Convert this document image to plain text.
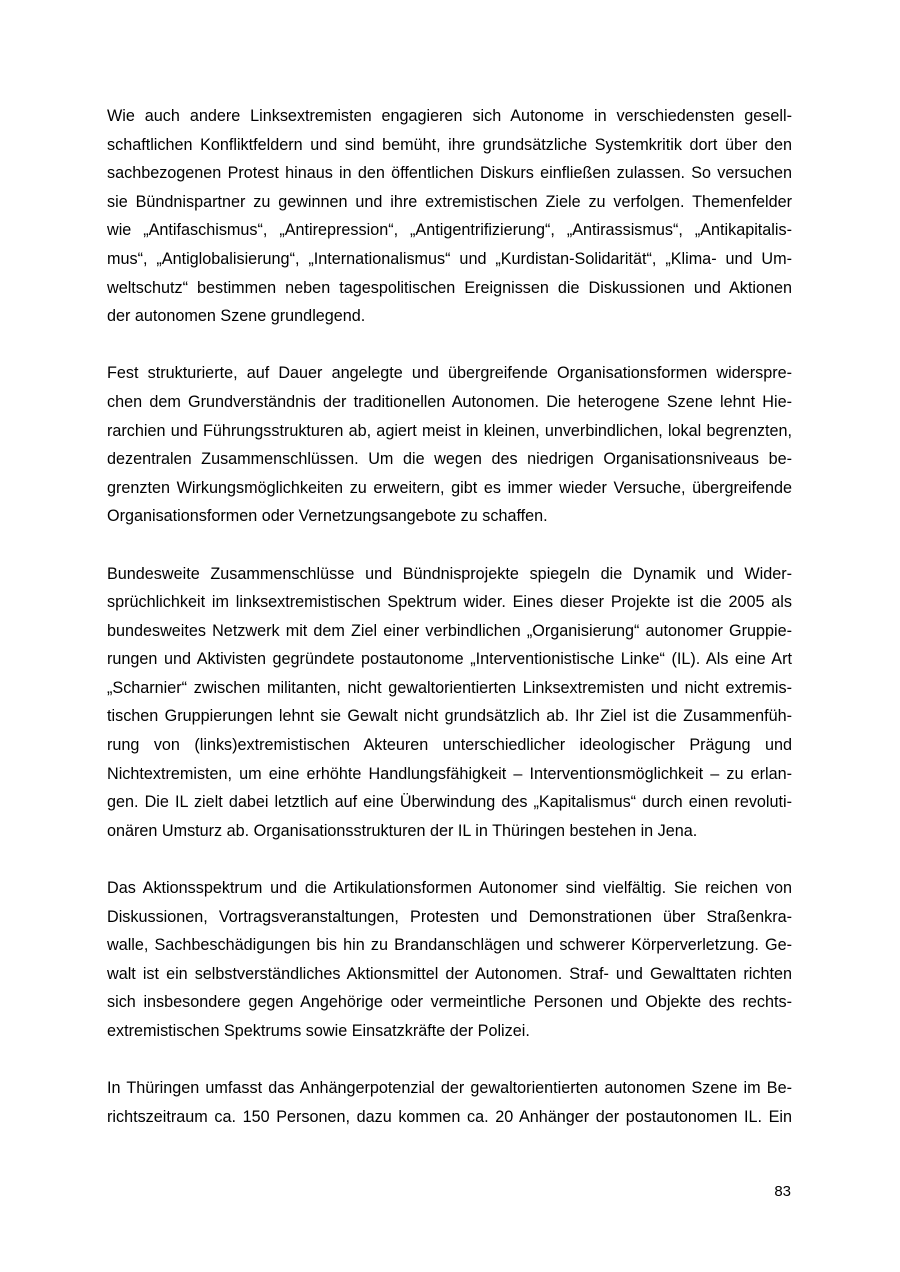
Wie auch andere Linksextremisten engagieren sich Autonome in verschiedensten gesell-
schaftlichen Konfliktfeldern und sind bemüht, ihre grundsätzliche Systemkritik dort über den
sachbezogenen Protest hinaus in den öffentlichen Diskurs einfließen zulassen. So versuchen
sie Bündnispartner zu gewinnen und ihre extremistischen Ziele zu verfolgen. Themenfelder
wie „Antifaschismus“, „Antirepression“, „Antigentrifizierung“, „Antirassismus“, „Antikapitalis-
mus“, „Antiglobalisierung“, „Internationalismus“ und „Kurdistan-Solidarität“, „Klima- und Um-
weltschutz“ bestimmen neben tagespolitischen Ereignissen die Diskussionen und Aktionen
der autonomen Szene grundlegend.
Fest strukturierte, auf Dauer angelegte und übergreifende Organisationsformen widerspre-
chen dem Grundverständnis der traditionellen Autonomen. Die heterogene Szene lehnt Hie-
rarchien und Führungsstrukturen ab, agiert meist in kleinen, unverbindlichen, lokal begrenzten,
dezentralen Zusammenschlüssen. Um die wegen des niedrigen Organisationsniveaus be-
grenzten Wirkungsmöglichkeiten zu erweitern, gibt es immer wieder Versuche, übergreifende
Organisationsformen oder Vernetzungsangebote zu schaffen.
Bundesweite Zusammenschlüsse und Bündnisprojekte spiegeln die Dynamik und Wider-
sprüchlichkeit im linksextremistischen Spektrum wider. Eines dieser Projekte ist die 2005 als
bundesweites Netzwerk mit dem Ziel einer verbindlichen „Organisierung“ autonomer Gruppie-
rungen und Aktivisten gegründete postautonome „Interventionistische Linke“ (IL). Als eine Art
„Scharnier“ zwischen militanten, nicht gewaltorientierten Linksextremisten und nicht extremis-
tischen Gruppierungen lehnt sie Gewalt nicht grundsätzlich ab. Ihr Ziel ist die Zusammenfüh-
rung von (links)extremistischen Akteuren unterschiedlicher ideologischer Prägung und
Nichtextremisten, um eine erhöhte Handlungsfähigkeit – Interventionsmöglichkeit – zu erlan-
gen. Die IL zielt dabei letztlich auf eine Überwindung des „Kapitalismus“ durch einen revoluti-
onären Umsturz ab. Organisationsstrukturen der IL in Thüringen bestehen in Jena.
Das Aktionsspektrum und die Artikulationsformen Autonomer sind vielfältig. Sie reichen von
Diskussionen, Vortragsveranstaltungen, Protesten und Demonstrationen über Straßenkra-
walle, Sachbeschädigungen bis hin zu Brandanschlägen und schwerer Körperverletzung. Ge-
walt ist ein selbstverständliches Aktionsmittel der Autonomen. Straf- und Gewalttaten richten
sich insbesondere gegen Angehörige oder vermeintliche Personen und Objekte des rechts-
extremistischen Spektrums sowie Einsatzkräfte der Polizei.
In Thüringen umfasst das Anhängerpotenzial der gewaltorientierten autonomen Szene im Be-
richtszeitraum ca. 150 Personen, dazu kommen ca. 20 Anhänger der postautonomen IL. Ein
83
